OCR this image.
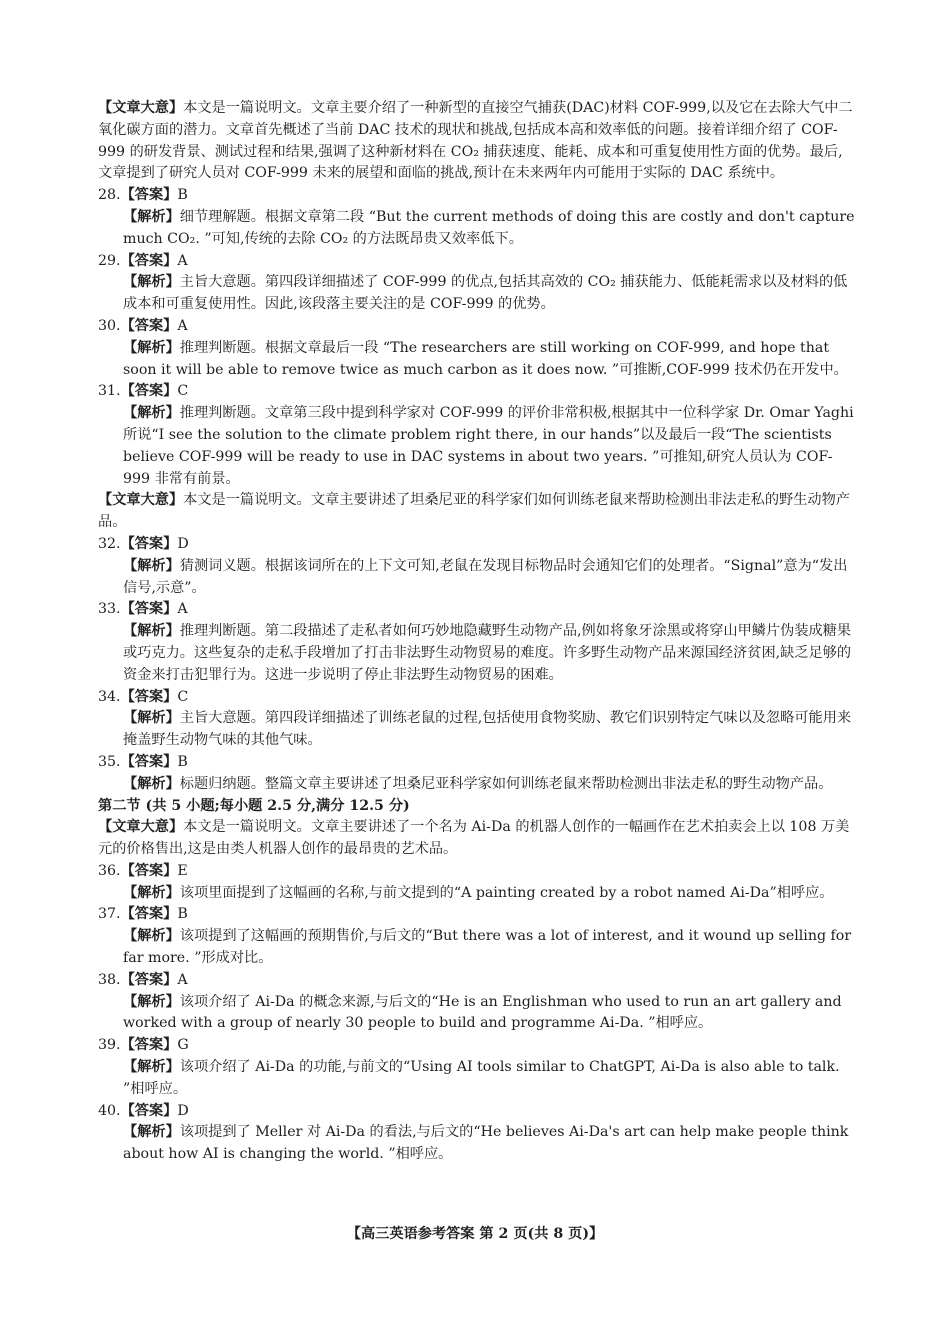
【文章大意】本文是一篇说明文。文章主要介绍了一种新型的直接空气捕获(DAC)材料 COF-999,以及它在去除大气中二氧化碳方面的潜力。文章首先概述了当前 DAC 技术的现状和挑战,包括成本高和效率低的问题。接着详细介绍了 COF-999 的研发背景、测试过程和结果,强调了这种新材料在 CO₂ 捕获速度、能耗、成本和可重复使用性方面的优势。最后,文章提到了研究人员对 COF-999 未来的展望和面临的挑战,预计在未来两年内可能用于实际的 DAC 系统中。
28.【答案】B
【解析】细节理解题。根据文章第二段 “But the current methods of doing this are costly and don't capture much CO₂. ”可知,传统的去除 CO₂ 的方法既昂贵又效率低下。
29.【答案】A
【解析】主旨大意题。第四段详细描述了 COF-999 的优点,包括其高效的 CO₂ 捕获能力、低能耗需求以及材料的低成本和可重复使用性。因此,该段落主要关注的是 COF-999 的优势。
30.【答案】A
【解析】推理判断题。根据文章最后一段 “The researchers are still working on COF-999, and hope that soon it will be able to remove twice as much carbon as it does now. ”可推断,COF-999 技术仍在开发中。
31.【答案】C
【解析】推理判断题。文章第三段中提到科学家对 COF-999 的评价非常积极,根据其中一位科学家 Dr. Omar Yaghi 所说“I see the solution to the climate problem right there, in our hands”以及最后一段“The scientists believe COF-999 will be ready to use in DAC systems in about two years. ”可推知,研究人员认为 COF-999 非常有前景。
【文章大意】本文是一篇说明文。文章主要讲述了坦桑尼亚的科学家们如何训练老鼠来帮助检测出非法走私的野生动物产品。
32.【答案】D
【解析】猜测词义题。根据该词所在的上下文可知,老鼠在发现目标物品时会通知它们的处理者。“Signal”意为“发出信号,示意”。
33.【答案】A
【解析】推理判断题。第二段描述了走私者如何巧妙地隐藏野生动物产品,例如将象牙涂黑或将穿山甲鳞片伪装成糖果或巧克力。这些复杂的走私手段增加了打击非法野生动物贸易的难度。许多野生动物产品来源国经济贫困,缺乏足够的资金来打击犯罪行为。这进一步说明了停止非法野生动物贸易的困难。
34.【答案】C
【解析】主旨大意题。第四段详细描述了训练老鼠的过程,包括使用食物奖励、教它们识别特定气味以及忽略可能用来掩盖野生动物气味的其他气味。
35.【答案】B
【解析】标题归纳题。整篇文章主要讲述了坦桑尼亚科学家如何训练老鼠来帮助检测出非法走私的野生动物产品。
第二节 (共 5 小题;每小题 2.5 分,满分 12.5 分)
【文章大意】本文是一篇说明文。文章主要讲述了一个名为 Ai-Da 的机器人创作的一幅画作在艺术拍卖会上以 108 万美元的价格售出,这是由类人机器人创作的最昂贵的艺术品。
36.【答案】E
【解析】该项里面提到了这幅画的名称,与前文提到的“A painting created by a robot named Ai-Da”相呼应。
37.【答案】B
【解析】该项提到了这幅画的预期售价,与后文的“But there was a lot of interest, and it wound up selling for far more. ”形成对比。
38.【答案】A
【解析】该项介绍了 Ai-Da 的概念来源,与后文的“He is an Englishman who used to run an art gallery and worked with a group of nearly 30 people to build and programme Ai-Da. ”相呼应。
39.【答案】G
【解析】该项介绍了 Ai-Da 的功能,与前文的“Using AI tools similar to ChatGPT, Ai-Da is also able to talk. ”相呼应。
40.【答案】D
【解析】该项提到了 Meller 对 Ai-Da 的看法,与后文的“He believes Ai-Da's art can help make people think about how AI is changing the world. ”相呼应。
【高三英语参考答案 第 2 页(共 8 页)】
